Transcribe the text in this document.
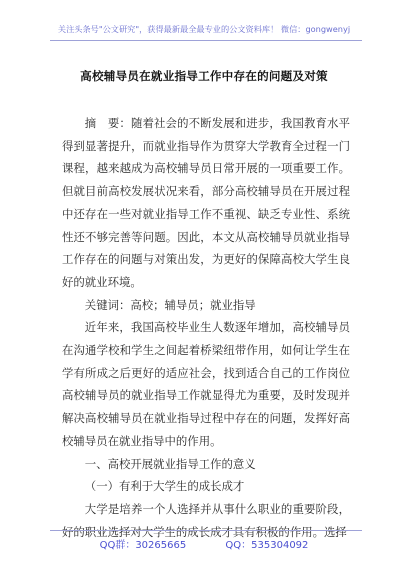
关注头条号"公文研究"，获得最新最全最专业的公文资料库！ 微信：gongwenyj
高校辅导员在就业指导工作中存在的问题及对策

摘　要：随着社会的不断发展和进步，我国教育水平得到显著提升，而就业指导作为贯穿大学教育全过程一门课程，越来越成为高校辅导员日常开展的一项重要工作。但就目前高校发展状况来看，部分高校辅导员在开展过程中还存在一些对就业指导工作不重视、缺乏专业性、系统性还不够完善等问题。因此，本文从高校辅导员就业指导工作存在的问题与对策出发，为更好的保障高校大学生良好的就业环境。

关键词：高校；辅导员；就业指导

近年来，我国高校毕业生人数逐年增加，高校辅导员在沟通学校和学生之间起着桥梁纽带作用，如何让学生在学有所成之后更好的适应社会，找到适合自己的工作岗位高校辅导员的就业指导工作就显得尤为重要，及时发现并解决高校辅导员在就业指导过程中存在的问题，发挥好高校辅导员在就业指导中的作用。

一、高校开展就业指导工作的意义

（一）有利于大学生的成长成才

大学是培养一个人选择并从事什么职业的重要阶段，好的职业选择对大学生的成长成才具有积极的作用。选择

QQ群：30265665	QQ：535304092
